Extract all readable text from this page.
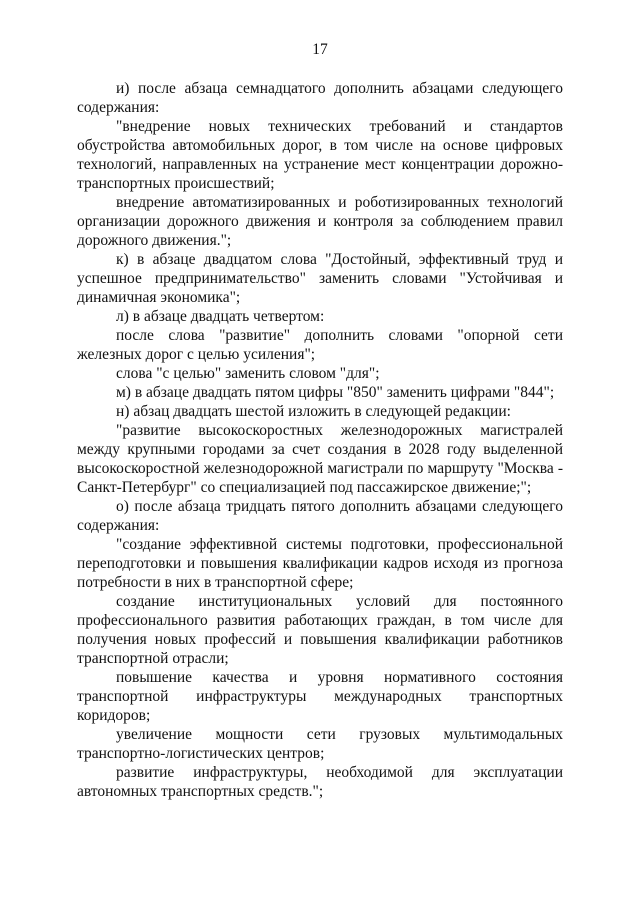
17

и) после абзаца семнадцатого дополнить абзацами следующего содержания:

"внедрение новых технических требований и стандартов обустройства автомобильных дорог, в том числе на основе цифровых технологий, направленных на устранение мест концентрации дорожно-транспортных происшествий;

внедрение автоматизированных и роботизированных технологий организации дорожного движения и контроля за соблюдением правил дорожного движения.";

к) в абзаце двадцатом слова "Достойный, эффективный труд и успешное предпринимательство" заменить словами "Устойчивая и динамичная экономика";

л) в абзаце двадцать четвертом:

после слова "развитие" дополнить словами "опорной сети железных дорог с целью усиления";

слова "с целью" заменить словом "для";

м) в абзаце двадцать пятом цифры "850" заменить цифрами "844";

н) абзац двадцать шестой изложить в следующей редакции:

"развитие высокоскоростных железнодорожных магистралей между крупными городами за счет создания в 2028 году выделенной высокоскоростной железнодорожной магистрали по маршруту "Москва - Санкт-Петербург" со специализацией под пассажирское движение;";

о) после абзаца тридцать пятого дополнить абзацами следующего содержания:

"создание эффективной системы подготовки, профессиональной переподготовки и повышения квалификации кадров исходя из прогноза потребности в них в транспортной сфере;

создание институциональных условий для постоянного профессионального развития работающих граждан, в том числе для получения новых профессий и повышения квалификации работников транспортной отрасли;

повышение качества и уровня нормативного состояния транспортной инфраструктуры международных транспортных коридоров;

увеличение мощности сети грузовых мультимодальных транспортно-логистических центров;

развитие инфраструктуры, необходимой для эксплуатации автономных транспортных средств.";
